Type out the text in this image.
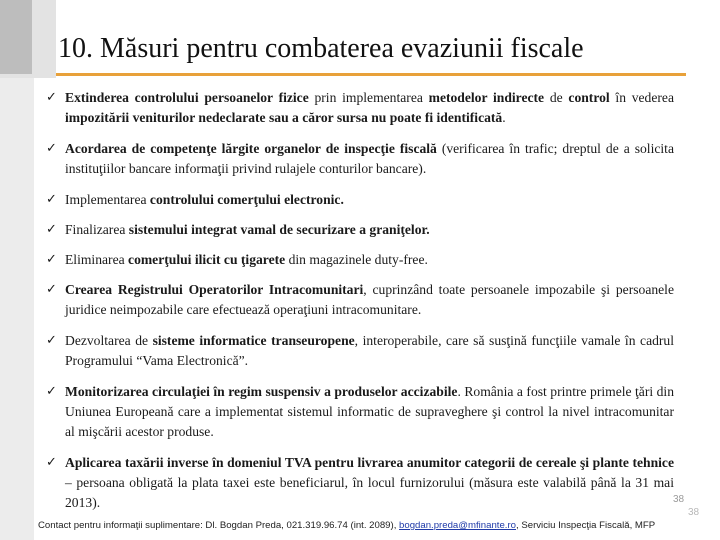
10. Măsuri pentru combaterea evaziunii fiscale
✓ Extinderea controlului persoanelor fizice prin implementarea metodelor indirecte de control în vederea impozitării veniturilor nedeclarate sau a căror sursa nu poate fi identificată.
✓ Acordarea de competenţe lărgite organelor de inspecţie fiscală (verificarea în trafic; dreptul de a solicita instituţiilor bancare informaţii privind rulajele conturilor bancare).
✓ Implementarea controlului comerţului electronic.
✓ Finalizarea sistemului integrat vamal de securizare a graniţelor.
✓ Eliminarea comerţului ilicit cu ţigarete din magazinele duty-free.
✓ Crearea Registrului Operatorilor Intracomunitari, cuprinzând toate persoanele impozabile şi persoanele juridice neimpozabile care efectuează operaţiuni intracomunitare.
✓ Dezvoltarea de sisteme informatice transeuropene, interoperabile, care să susţină funcţiile vamale în cadrul Programului “Vama Electronică”.
✓ Monitorizarea circulaţiei în regim suspensiv a produselor accizabile. România a fost printre primele ţări din Uniunea Europeană care a implementat sistemul informatic de supraveghere şi control la nivel intracomunitar al mişcării acestor produse.
✓ Aplicarea taxării inverse în domeniul TVA pentru livrarea anumitor categorii de cereale şi plante tehnice – persoana obligată la plata taxei este beneficiarul, în locul furnizorului (măsura este valabilă până la 31 mai 2013).
Contact pentru informaţii suplimentare: Dl. Bogdan Preda, 021.319.96.74 (int. 2089), bogdan.preda@mfinante.ro, Serviciu Inspecţia Fiscală, MFP
38
38
